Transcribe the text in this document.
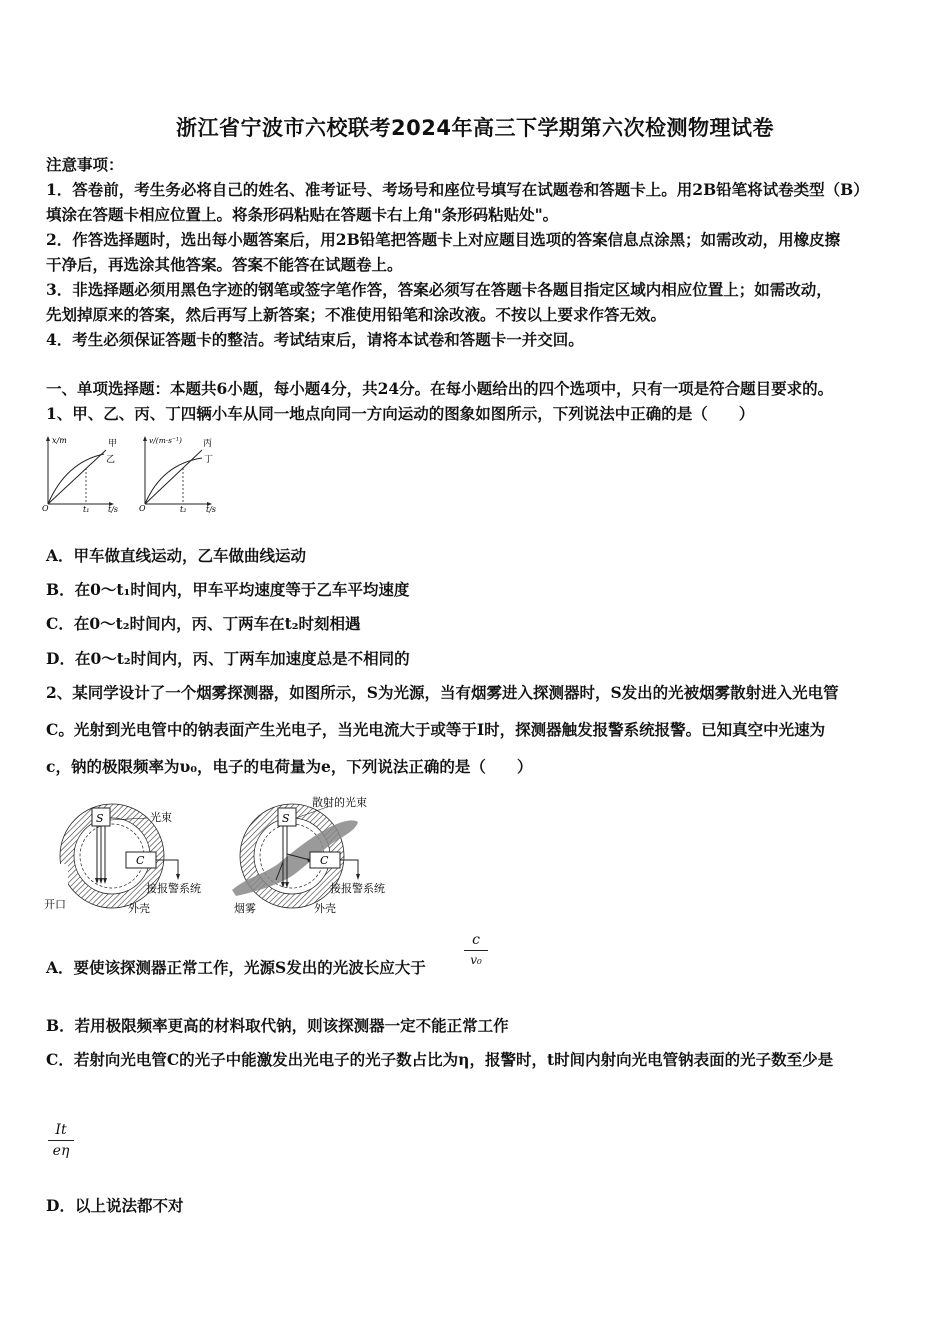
浙江省宁波市六校联考2024年高三下学期第六次检测物理试卷
注意事项：
1．答卷前，考生务必将自己的姓名、准考证号、考场号和座位号填写在试题卷和答题卡上。用2B铅笔将试卷类型（B）
填涂在答题卡相应位置上。将条形码粘贴在答题卡右上角"条形码粘贴处"。
2．作答选择题时，选出每小题答案后，用2B铅笔把答题卡上对应题目选项的答案信息点涂黑；如需改动，用橡皮擦
干净后，再选涂其他答案。答案不能答在试题卷上。
3．非选择题必须用黑色字迹的钢笔或签字笔作答，答案必须写在答题卡各题目指定区域内相应位置上；如需改动，
先划掉原来的答案，然后再写上新答案；不准使用铅笔和涂改液。不按以上要求作答无效。
4．考生必须保证答题卡的整洁。考试结束后，请将本试卷和答题卡一并交回。
一、单项选择题：本题共6小题，每小题4分，共24分。在每小题给出的四个选项中，只有一项是符合题目要求的。
1、甲、乙、丙、丁四辆小车从同一地点向同一方向运动的图象如图所示，下列说法中正确的是（　　）
x/m	甲
乙
O	t₁ t/s
v/(m·s⁻¹) 丙
丁
O	t₂ t/s
A．甲车做直线运动，乙车做曲线运动
B．在0～t₁时间内，甲车平均速度等于乙车平均速度
C．在0～t₂时间内，丙、丁两车在t₂时刻相遇
D．在0～t₂时间内，丙、丁两车加速度总是不相同的
2、某同学设计了一个烟雾探测器，如图所示，S为光源，当有烟雾进入探测器时，S发出的光被烟雾散射进入光电管
C。光射到光电管中的钠表面产生光电子，当光电流大于或等于I时，探测器触发报警系统报警。已知真空中光速为
c，钠的极限频率为υ₀，电子的电荷量为e，下列说法正确的是（　　）
S
C
光束
接报警系统
开口	外壳
S
C
散射的光束
接报警系统
烟雾	外壳
A．要使该探测器正常工作，光源S发出的光波长应大于
c
v₀
B．若用极限频率更高的材料取代钠，则该探测器一定不能正常工作
C．若射向光电管C的光子中能激发出光电子的光子数占比为η，报警时，t时间内射向光电管钠表面的光子数至少是
It
eη
D．以上说法都不对
